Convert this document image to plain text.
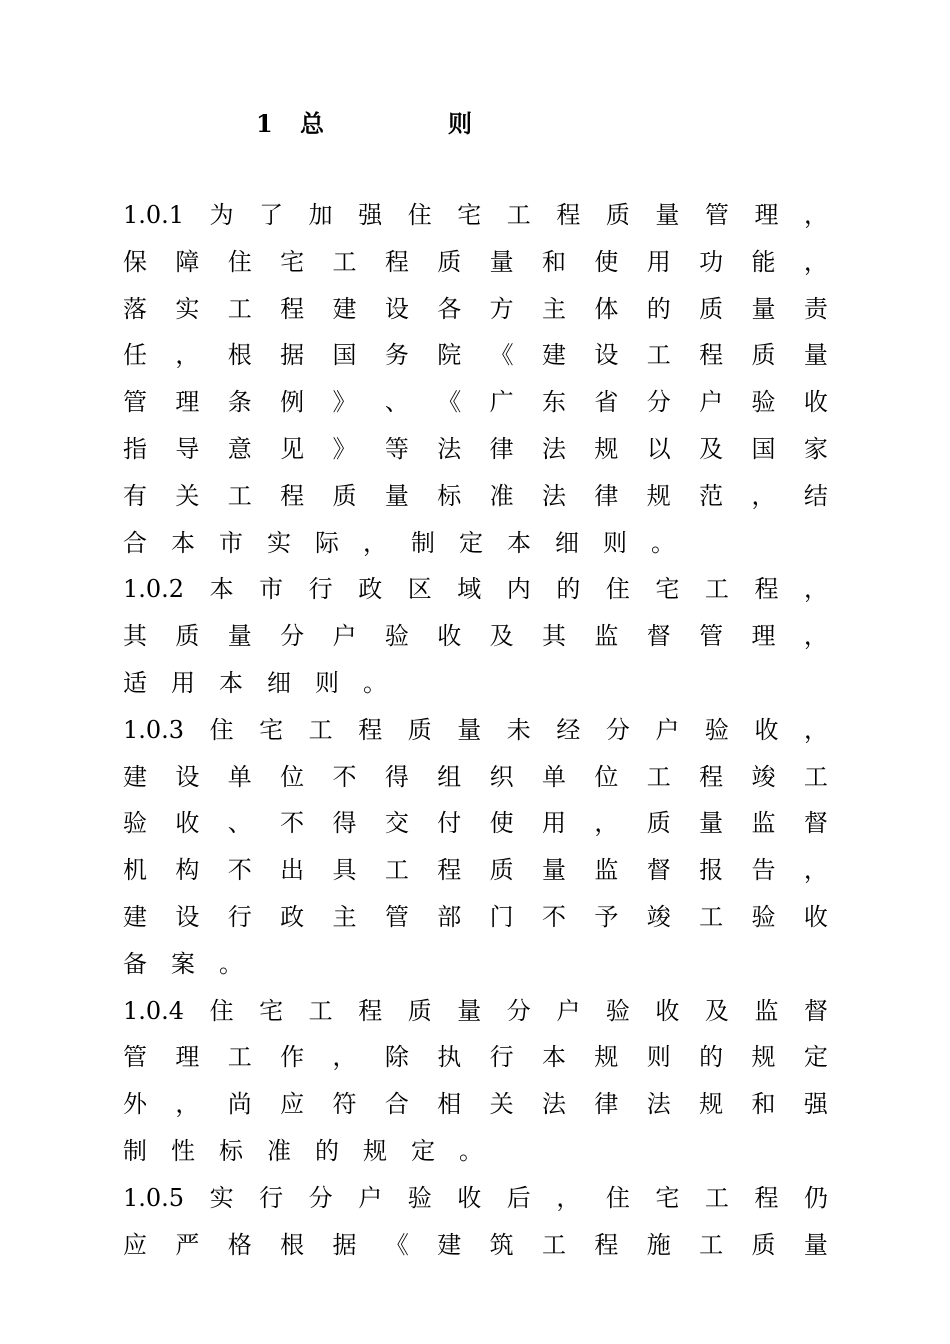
1 总	则
1.0.1 为 了 加 强 住 宅 工 程 质 量 管 理 ，
保 障 住 宅 工 程 质 量 和 使 用 功 能 ，
落 实 工 程 建 设 各 方 主 体 的 质 量 责
任 ， 根 据 国 务 院 《 建 设 工 程 质 量
管 理 条 例 》 、 《 广 东 省 分 户 验 收
指 导 意 见 》 等 法 律 法 规 以 及 国 家
有 关 工 程 质 量 标 准 法 律 规 范 ， 结
合   本   市   实   际   ，   制   定   本   细   则   。
1.0.2 本 市 行 政 区 域 内 的 住 宅 工 程 ，
其 质 量 分 户 验 收 及 其 监 督 管 理 ，
适   用   本   细   则   。
1.0.3 住 宅 工 程 质 量 未 经 分 户 验 收 ，
建 设 单 位 不 得 组 织 单 位 工 程 竣 工
验 收 、 不 得 交 付 使 用 ， 质 量 监 督
机 构 不 出 具 工 程 质 量 监 督 报 告 ，
建 设 行 政 主 管 部 门 不 予 竣 工 验 收
备   案   。
1.0.4 住 宅 工 程 质 量 分 户 验 收 及 监 督
管 理 工 作 ， 除 执 行 本 规 则 的 规 定
外 ， 尚 应 符 合 相 关 法 律 法 规 和 强
制   性   标   准   的   规   定   。
1.0.5 实 行 分 户 验 收 后 ， 住 宅 工 程 仍
应 严 格 根 据 《 建 筑 工 程 施 工 质 量
